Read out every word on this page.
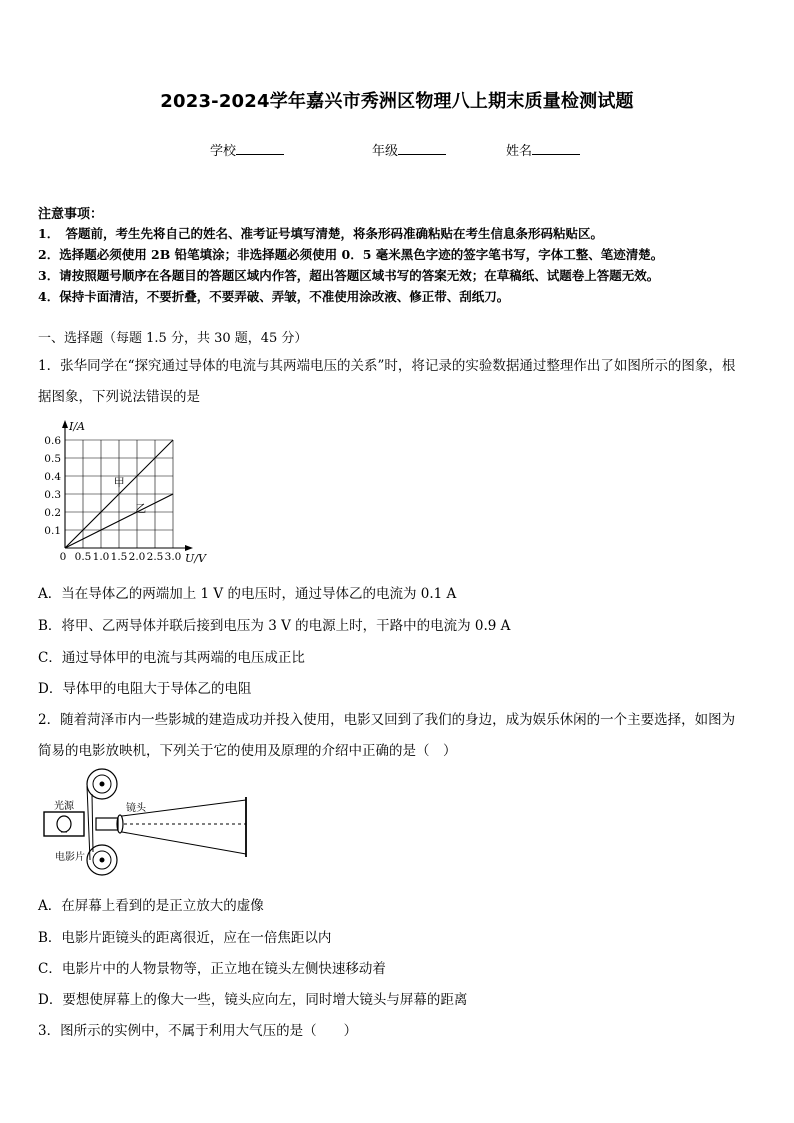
2023-2024学年嘉兴市秀洲区物理八上期末质量检测试题
学校	年级	姓名
注意事项：
1．　答题前，考生先将自己的姓名、准考证号填写清楚，将条形码准确粘贴在考生信息条形码粘贴区。
2．选择题必须使用 2B 铅笔填涂；非选择题必须使用 0．5 毫米黑色字迹的签字笔书写，字体工整、笔迹清楚。
3．请按照题号顺序在各题目的答题区域内作答，超出答题区域书写的答案无效；在草稿纸、试题卷上答题无效。
4．保持卡面清洁，不要折叠，不要弄破、弄皱，不准使用涂改液、修正带、刮纸刀。
一、选择题（每题 1.5 分，共 30 题，45 分）
1．张华同学在“探究通过导体的电流与其两端电压的关系”时，将记录的实验数据通过整理作出了如图所示的图象，根
据图象，下列说法错误的是
0 0.5 1.0 1.5 2.0 2.5 3.0
0.1
0.2
0.3
0.4
0.5
0.6
I/A
U/V
甲
乙
A．当在导体乙的两端加上 1 V 的电压时，通过导体乙的电流为 0.1 A
B．将甲、乙两导体并联后接到电压为 3 V 的电源上时，干路中的电流为 0.9 A
C．通过导体甲的电流与其两端的电压成正比
D．导体甲的电阻大于导体乙的电阻
2．随着菏泽市内一些影城的建造成功并投入使用，电影又回到了我们的身边，成为娱乐休闲的一个主要选择，如图为
简易的电影放映机，下列关于它的使用及原理的介绍中正确的是（　）
光源	镜头
电影片
A．在屏幕上看到的是正立放大的虚像
B．电影片距镜头的距离很近，应在一倍焦距以内
C．电影片中的人物景物等，正立地在镜头左侧快速移动着
D．要想使屏幕上的像大一些，镜头应向左，同时增大镜头与屏幕的距离
3．图所示的实例中，不属于利用大气压的是（　　）
